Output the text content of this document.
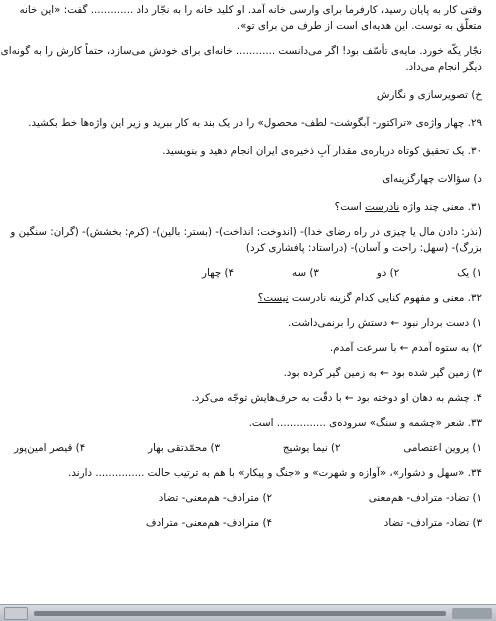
وقتی کار به پایان رسید، کارفرما برای وارسی خانه آمد. او کلید خانه را به نجّار داد ............. گفت: «این خانه

متعلّق به توست. این هدیه‌ای است از طرف من برای تو».

نجّار یکّه خورد. مایه‌ی تأسّف بود! اگر می‌دانست ............ خانه‌ای برای خودش می‌سازد، حتماً کارش را به گونه‌ای

دیگر انجام می‌داد.

خ) تصویرسازی و نگارش

۲۹. چهار واژه‌ی «تراکتور- آبگوشت- لطف- محصول» را در یک بند به کار ببرید و زیر این واژه‌ها خط بکشید.

۳۰. یک تحقیق کوتاه درباره‌ی مقدار آبِ ذخیره‌ی ایران انجام دهید و بنویسید.

د) سؤالات چهارگزینه‌ای

۳۱. معنی چند واژه نادرست است؟

(نذر: دادن مال یا چیزی در راه رضای خدا)- (اندوخت: انداخت)- (بستر: بالین)- (کرم: بخشش)- (گران: سنگین و

بزرگ)- (سهل: راحت و آسان)- (دراستاد: پافشاری کرد)

۱) یک
۲) دو
۳) سه
۴) چهار

۳۲. معنی و مفهوم کنایی کدام گزینه نادرست نیست؟

۱) دست بردار نبود ← دستش را برنمی‌داشت.

۲) به ستوه آمدم ← با سرعت آمدم.

۳) زمین گیر شده بود ← به زمین گیر کرده بود.

۴. چشم به دهان او دوخته بود ← با دقّت به حرف‌هایش توجّه می‌کرد.

۳۳. شعر «چشمه و سنگ» سروده‌ی ............... است.

۱) پروین اعتصامی
۲) نیما یوشیج
۳) محمّدتقی بهار
۴) قیصر امین‌پور

۳۴. «سهل و دشوار»، «آوازه و شهرت» و «جنگ و پیکار» با هم به ترتیب حالت ............... دارند.

۱) تضاد- مترادف- هم‌معنی
۲) مترادف- هم‌معنی- تضاد
۳) تضاد- مترادف- تضاد
۴) مترادف- هم‌معنی- مترادف
